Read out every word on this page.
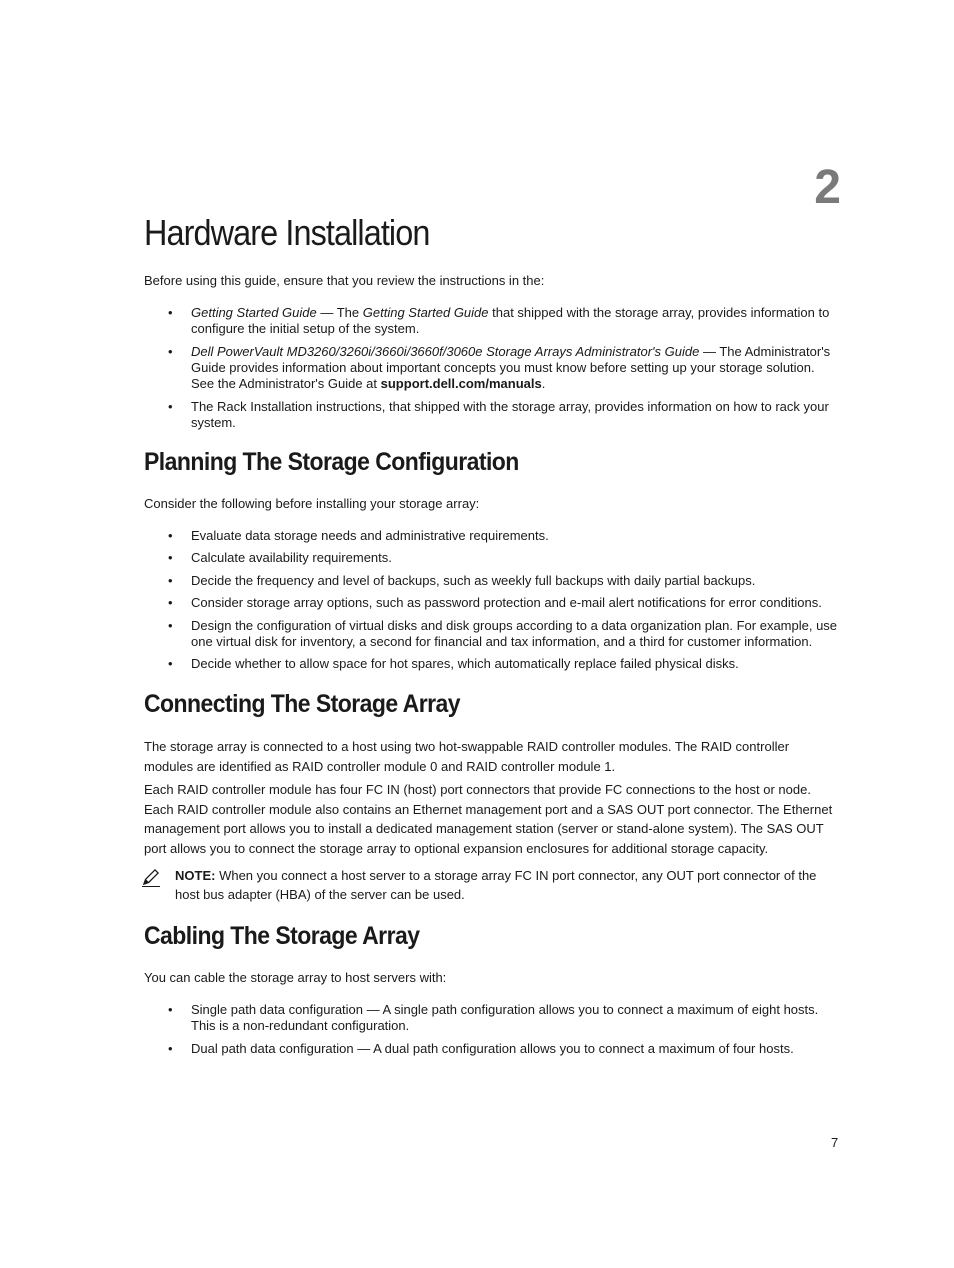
2
Hardware Installation

Before using this guide, ensure that you review the instructions in the:

• Getting Started Guide — The Getting Started Guide that shipped with the storage array, provides information to configure the initial setup of the system.
• Dell PowerVault MD3260/3260i/3660i/3660f/3060e Storage Arrays Administrator's Guide — The Administrator's Guide provides information about important concepts you must know before setting up your storage solution. See the Administrator's Guide at support.dell.com/manuals.
• The Rack Installation instructions, that shipped with the storage array, provides information on how to rack your system.
Planning The Storage Configuration

Consider the following before installing your storage array:

• Evaluate data storage needs and administrative requirements.
• Calculate availability requirements.
• Decide the frequency and level of backups, such as weekly full backups with daily partial backups.
• Consider storage array options, such as password protection and e-mail alert notifications for error conditions.
• Design the configuration of virtual disks and disk groups according to a data organization plan. For example, use one virtual disk for inventory, a second for financial and tax information, and a third for customer information.
• Decide whether to allow space for hot spares, which automatically replace failed physical disks.
Connecting The Storage Array

The storage array is connected to a host using two hot-swappable RAID controller modules. The RAID controller modules are identified as RAID controller module 0 and RAID controller module 1.

Each RAID controller module has four FC IN (host) port connectors that provide FC connections to the host or node. Each RAID controller module also contains an Ethernet management port and a SAS OUT port connector. The Ethernet management port allows you to install a dedicated management station (server or stand-alone system). The SAS OUT port allows you to connect the storage array to optional expansion enclosures for additional storage capacity.

NOTE: When you connect a host server to a storage array FC IN port connector, any OUT port connector of the host bus adapter (HBA) of the server can be used.

Cabling The Storage Array

You can cable the storage array to host servers with:

• Single path data configuration — A single path configuration allows you to connect a maximum of eight hosts. This is a non-redundant configuration.
• Dual path data configuration — A dual path configuration allows you to connect a maximum of four hosts.
7
